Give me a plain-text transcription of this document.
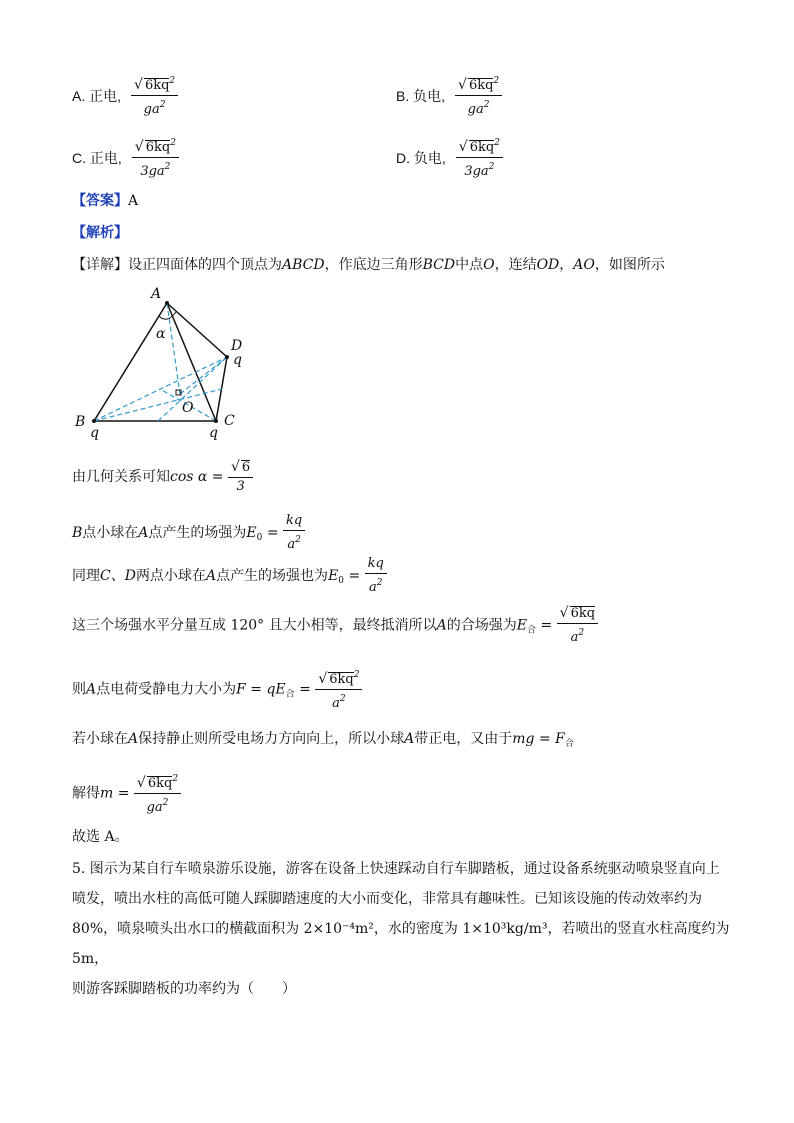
A. 正电, $\frac{√ 6kq^2}{ga^2}$	B. 负电, $\frac{√ 6kq^2}{ga^2}$
C. 正电, $\frac{√ 6kq^2}{3ga^2}$	D. 负电, $\frac{√ 6kq^2}{3ga^2}$
【答案】A
【解析】
【详解】设正四面体的四个顶点为ABCD，作底边三角形BCD中点O，连结OD，AO，如图所示
A
B	C
D
O
α
q	q
q
由几何关系可知$\cos \alpha = \frac{√ 6}{3}$
B点小球在A点产生的场强为$E_0 = \frac{kq}{a^2}$
同理C、D两点小球在A点产生的场强也为$E_0 = \frac{kq}{a^2}$
这三个场强水平分量互成 120° 且大小相等，最终抵消所以A的合场强为$E_合 = \frac{√ 6kq}{a^2}$
则A点电荷受静电力大小为$F = qE_合 = \frac{√ 6kq^2}{a^2}$
若小球在A保持静止则所受电场力方向向上，所以小球A带正电，又由于mg = $F_合$
解得$m = \frac{√ 6kq^2}{ga^2}$
故选 A。
5. 图示为某自行车喷泉游乐设施，游客在设备上快速踩动自行车脚踏板，通过设备系统驱动喷泉竖直向上
喷发，喷出水柱的高低可随人踩脚踏速度的大小而变化，非常具有趣味性。已知该设施的传动效率约为
80%，喷泉喷头出水口的横截面积为 2×10⁻⁴m²，水的密度为 1×10³kg/m³，若喷出的竖直水柱高度约为 5m，
则游客踩脚踏板的功率约为（　　）
